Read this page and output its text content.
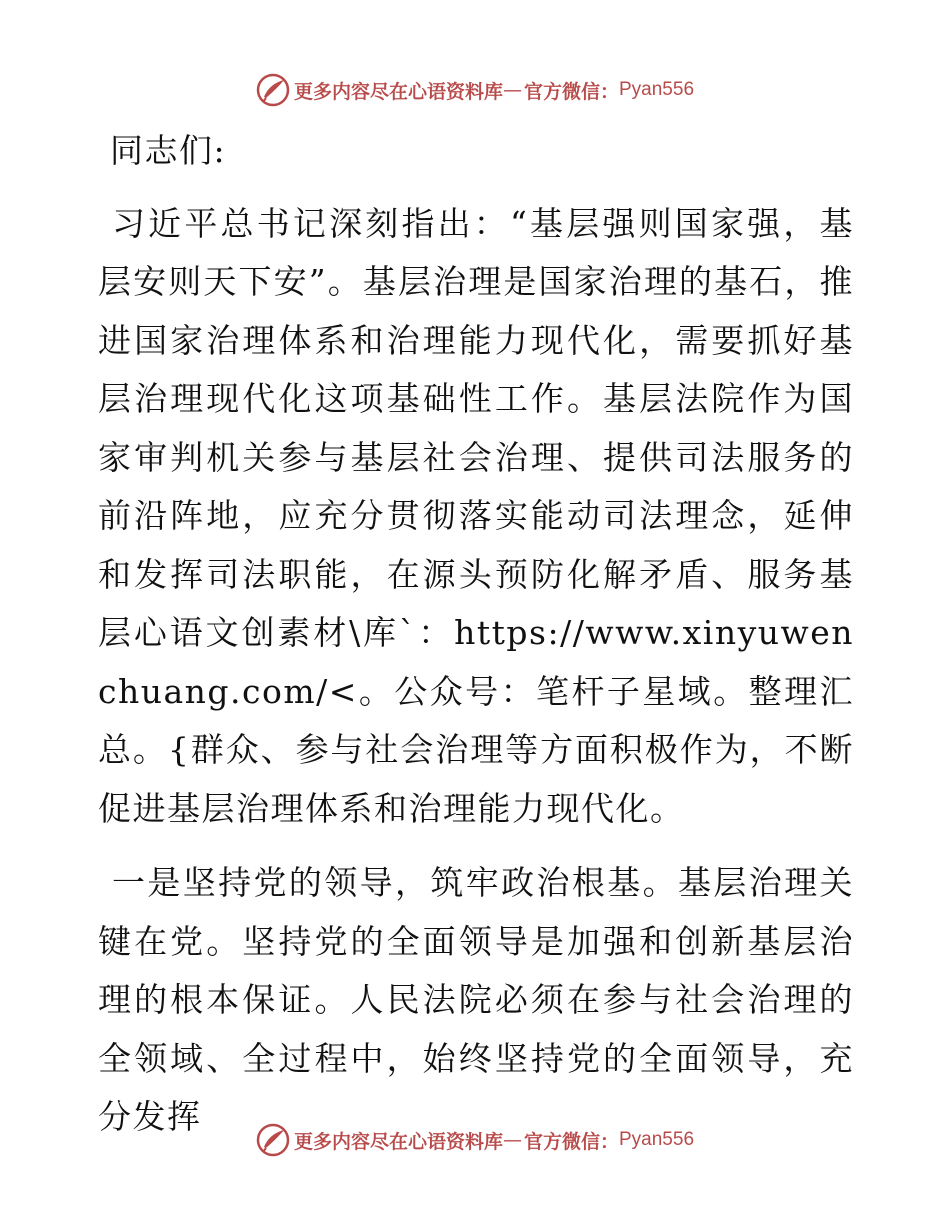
更多内容尽在心语资料库 — 官方微信： Pyan556

同志们:

习近平总书记深刻指出：“基层强则国家强，基层安则天下安”。基层治理是国家治理的基石，推进国家治理体系和治理能力现代化，需要抓好基层治理现代化这项基础性工作。基层法院作为国家审判机关参与基层社会治理、提供司法服务的前沿阵地，应充分贯彻落实能动司法理念，延伸和发挥司法职能，在源头预防化解矛盾、服务基层心语文创素材\库`：https://www.xinyuwenchuang.com/<。公众号：笔杆子星域。整理汇总。{群众、参与社会治理等方面积极作为，不断促进基层治理体系和治理能力现代化。

一是坚持党的领导，筑牢政治根基。基层治理关键在党。坚持党的全面领导是加强和创新基层治理的根本保证。人民法院必须在参与社会治理的全领域、全过程中，始终坚持党的全面领导，充分发挥

更多内容尽在心语资料库 — 官方微信： Pyan556
